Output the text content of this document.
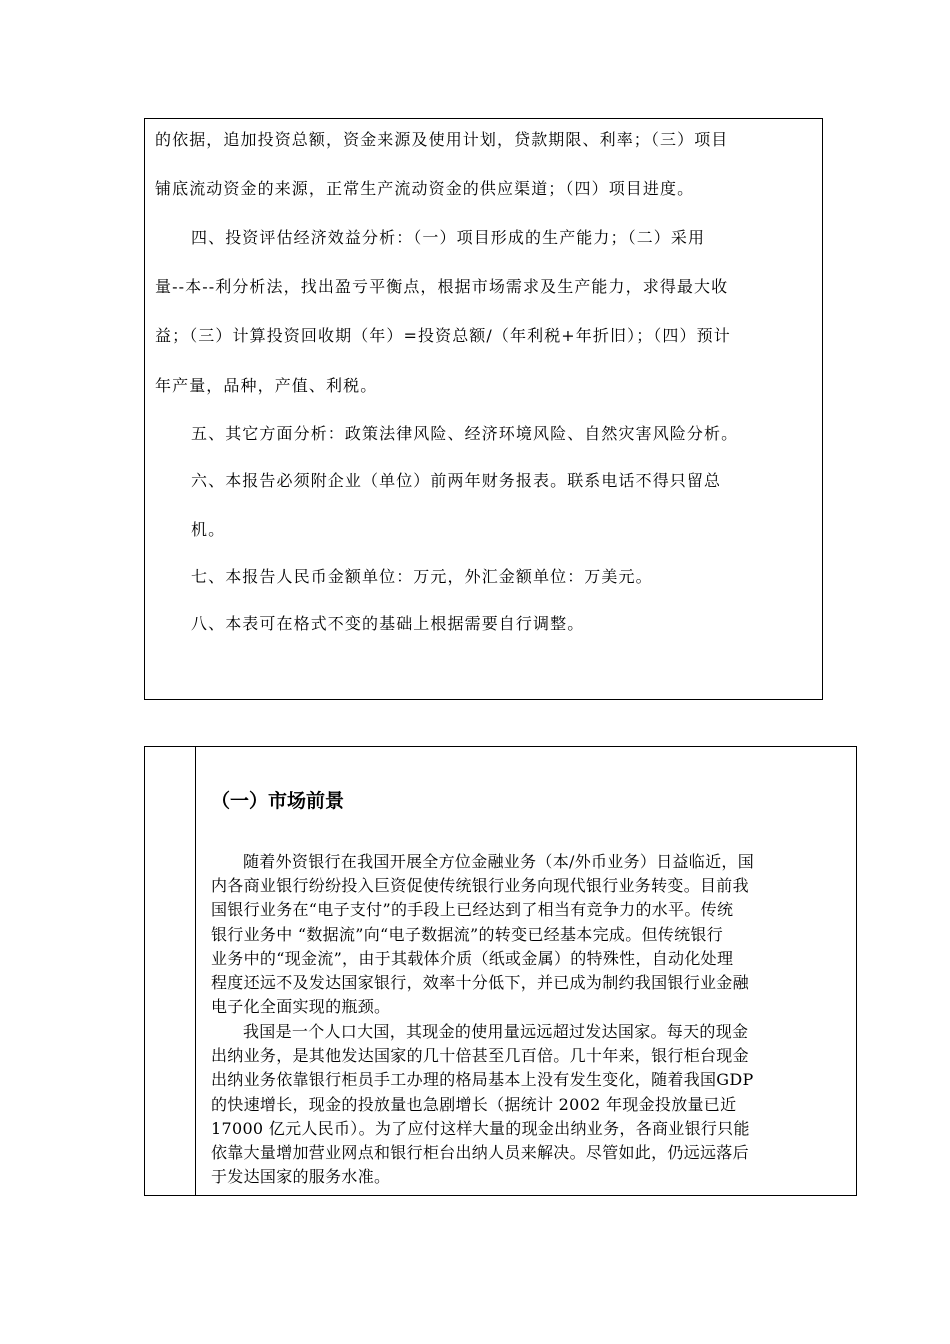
的依据，追加投资总额，资金来源及使用计划，贷款期限、利率；（三）项目

铺底流动资金的来源，正常生产流动资金的供应渠道；（四）项目进度。

四、投资评估经济效益分析：（一）项目形成的生产能力；（二）采用

量--本--利分析法，找出盈亏平衡点，根据市场需求及生产能力，求得最大收

益；（三）计算投资回收期（年）=投资总额/（年利税+年折旧）；（四）预计

年产量，品种，产值、利税。

五、其它方面分析：政策法律风险、经济环境风险、自然灾害风险分析。

六、本报告必须附企业（单位）前两年财务报表。联系电话不得只留总

机。

七、本报告人民币金额单位：万元，外汇金额单位：万美元。

八、本表可在格式不变的基础上根据需要自行调整。

（一）市场前景

随着外资银行在我国开展全方位金融业务（本/外币业务）日益临近，国

内各商业银行纷纷投入巨资促使传统银行业务向现代银行业务转变。目前我

国银行业务在“电子支付”的手段上已经达到了相当有竞争力的水平。传统

银行业务中 “数据流”向“电子数据流”的转变已经基本完成。但传统银行

业务中的“现金流”，由于其载体介质（纸或金属）的特殊性，自动化处理

程度还远不及发达国家银行，效率十分低下，并已成为制约我国银行业金融

电子化全面实现的瓶颈。

我国是一个人口大国，其现金的使用量远远超过发达国家。每天的现金

出纳业务，是其他发达国家的几十倍甚至几百倍。几十年来，银行柜台现金

出纳业务依靠银行柜员手工办理的格局基本上没有发生变化，随着我国GDP

的快速增长，现金的投放量也急剧增长（据统计 2002 年现金投放量已近

17000 亿元人民币）。为了应付这样大量的现金出纳业务，各商业银行只能

依靠大量增加营业网点和银行柜台出纳人员来解决。尽管如此，仍远远落后

于发达国家的服务水准。
